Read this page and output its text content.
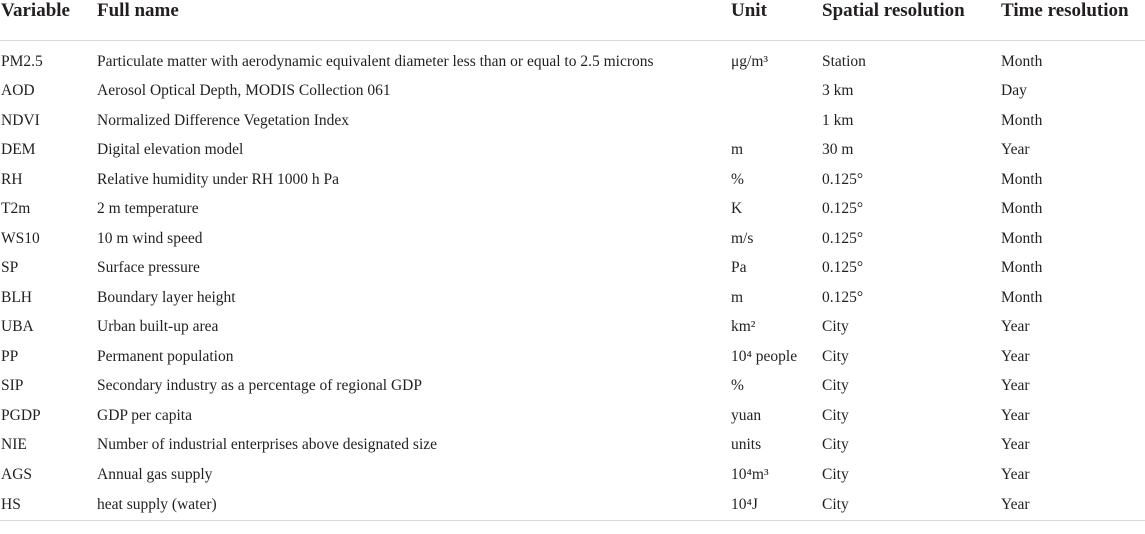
Variable	Full name	Unit	Spatial resolution	Time resolution
PM2.5	Particulate matter with aerodynamic equivalent diameter less than or equal to 2.5 microns	μg/m³	Station	Month
AOD	Aerosol Optical Depth, MODIS Collection 061		3 km	Day
NDVI	Normalized Difference Vegetation Index		1 km	Month
DEM	Digital elevation model	m	30 m	Year
RH	Relative humidity under RH 1000 h Pa	%	0.125°	Month
T2m	2 m temperature	K	0.125°	Month
WS10	10 m wind speed	m/s	0.125°	Month
SP	Surface pressure	Pa	0.125°	Month
BLH	Boundary layer height	m	0.125°	Month
UBA	Urban built-up area	km²	City	Year
PP	Permanent population	10⁴ people	City	Year
SIP	Secondary industry as a percentage of regional GDP	%	City	Year
PGDP	GDP per capita	yuan	City	Year
NIE	Number of industrial enterprises above designated size	units	City	Year
AGS	Annual gas supply	10⁴m³	City	Year
HS	heat supply (water)	10⁴J	City	Year
